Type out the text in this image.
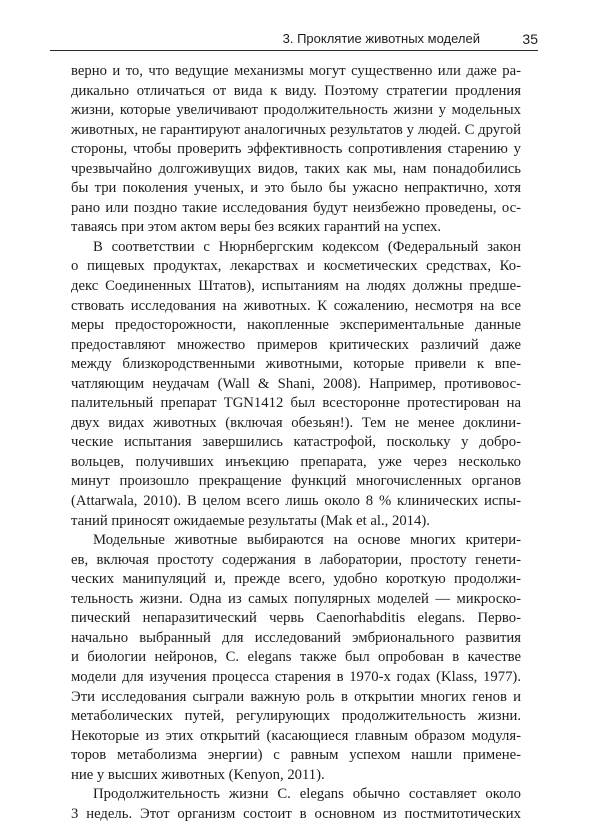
3. Проклятие животных моделей	35
верно и то, что ведущие механизмы могут существенно или даже ра-
дикально отличаться от вида к виду. Поэтому стратегии продления
жизни, которые увеличивают продолжительность жизни у модельных
животных, не гарантируют аналогичных результатов у людей. С другой
стороны, чтобы проверить эффективность сопротивления старению у
чрезвычайно долгоживущих видов, таких как мы, нам понадобились
бы три поколения ученых, и это было бы ужасно непрактично, хотя
рано или поздно такие исследования будут неизбежно проведены, ос-
таваясь при этом актом веры без всяких гарантий на успех.
В соответствии с Нюрнбергским кодексом (Федеральный закон
о пищевых продуктах, лекарствах и косметических средствах, Ко-
декс Соединенных Штатов), испытаниям на людях должны предше-
ствовать исследования на животных. К сожалению, несмотря на все
меры предосторожности, накопленные экспериментальные данные
предоставляют множество примеров критических различий даже
между близкородственными животными, которые привели к впе-
чатляющим неудачам (Wall & Shani, 2008). Например, противовос-
палительный препарат TGN1412 был всесторонне протестирован на
двух видах животных (включая обезьян!). Тем не менее доклини-
ческие испытания завершились катастрофой, поскольку у добро-
вольцев, получивших инъекцию препарата, уже через несколько
минут произошло прекращение функций многочисленных органов
(Attarwala, 2010). В целом всего лишь около 8 % клинических испы-
таний приносят ожидаемые результаты (Mak et al., 2014).
Модельные животные выбираются на основе многих критери-
ев, включая простоту содержания в лаборатории, простоту генети-
ческих манипуляций и, прежде всего, удобно короткую продолжи-
тельность жизни. Одна из самых популярных моделей — микроско-
пический непаразитический червь Caenorhabditis elegans. Перво-
начально выбранный для исследований эмбрионального развития
и биологии нейронов, C. elegans также был опробован в качестве
модели для изучения процесса старения в 1970-х годах (Klass, 1977).
Эти исследования сыграли важную роль в открытии многих генов и
метаболических путей, регулирующих продолжительность жизни.
Некоторые из этих открытий (касающиеся главным образом модуля-
торов метаболизма энергии) с равным успехом нашли примене-
ние у высших животных (Kenyon, 2011).
Продолжительность жизни C. elegans обычно составляет около
3 недель. Этот организм состоит в основном из постмитотических
